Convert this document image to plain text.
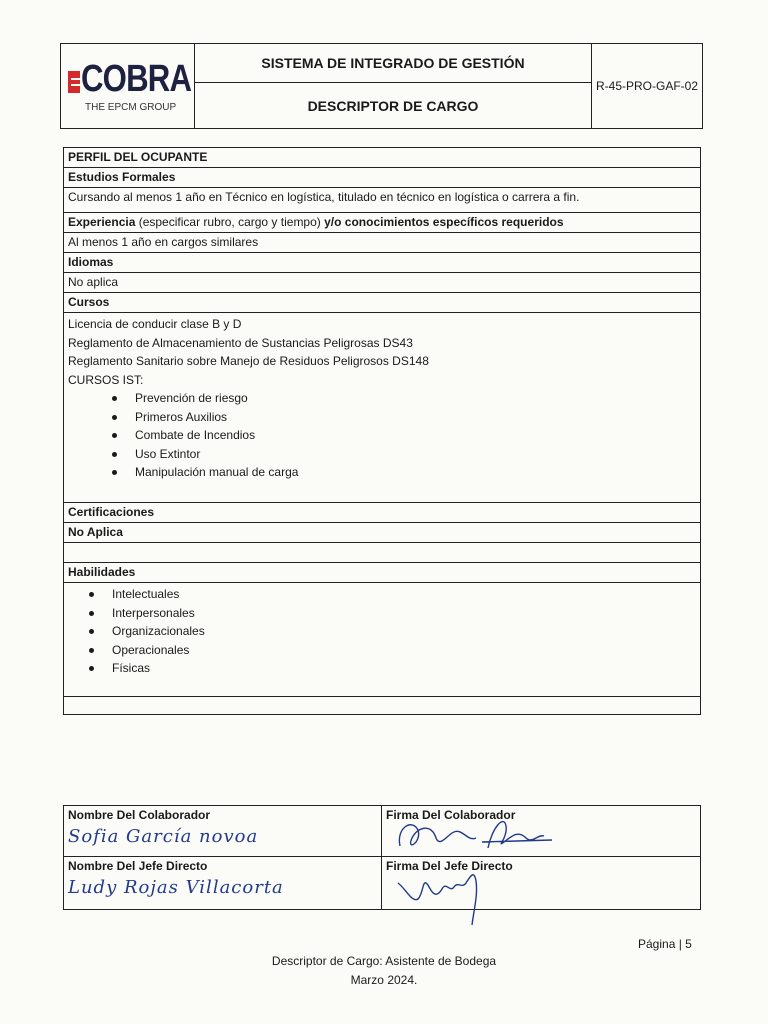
COBRA
THE EPCM GROUP
SISTEMA DE INTEGRADO DE GESTIÓN
DESCRIPTOR DE CARGO
R-45-PRO-GAF-02
PERFIL DEL OCUPANTE
Estudios Formales
Cursando al menos 1 año en Técnico en logística, titulado en técnico en logística o carrera a fin.
Experiencia (especificar rubro, cargo y tiempo) y/o conocimientos específicos requeridos
Al menos 1 año en cargos similares
Idiomas
No aplica
Cursos

Licencia de conducir clase B y D
Reglamento de Almacenamiento de Sustancias Peligrosas DS43
Reglamento Sanitario sobre Manejo de Residuos Peligrosos DS148
CURSOS IST:
Prevención de riesgo
Primeros Auxilios
Combate de Incendios
Uso Extintor
Manipulación manual de carga

Certificaciones
No Aplica

Habilidades

Intelectuales
Interpersonales
Organizacionales
Operacionales
Físicas

Nombre Del Colaborador
Sofia García novoa	Firma Del Colaborador

Nombre Del Jefe Directo
Ludy Rojas Villacorta	Firma Del Jefe Directo
Página | 5
Descriptor de Cargo: Asistente de Bodega
Marzo 2024.
